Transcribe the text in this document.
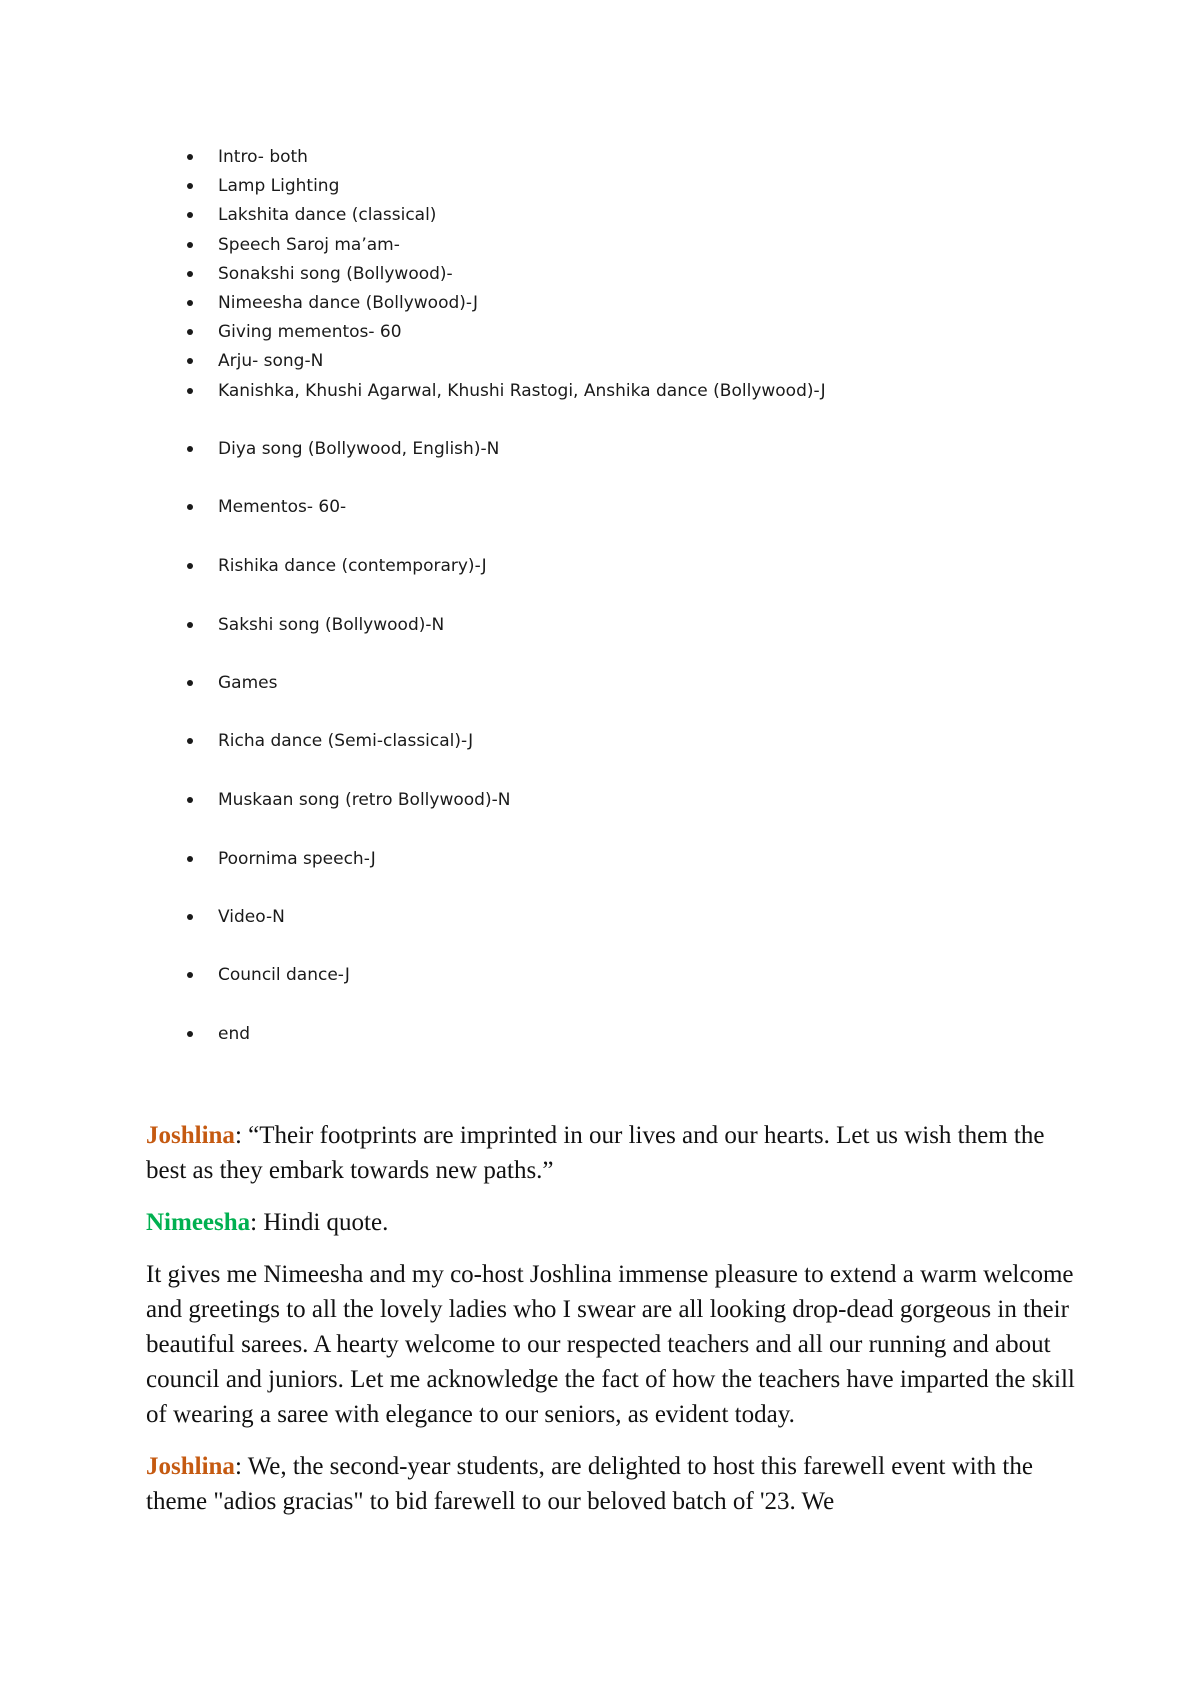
Intro- both
Lamp Lighting
Lakshita dance (classical)
Speech Saroj ma’am-
Sonakshi song (Bollywood)-
Nimeesha dance (Bollywood)-J
Giving mementos- 60
Arju- song-N
Kanishka, Khushi Agarwal, Khushi Rastogi, Anshika dance (Bollywood)-J
Diya song (Bollywood, English)-N
Mementos- 60-
Rishika dance (contemporary)-J
Sakshi song (Bollywood)-N
Games
Richa dance (Semi-classical)-J
Muskaan song (retro Bollywood)-N
Poornima speech-J
Video-N
Council dance-J
end

Joshlina: “Their footprints are imprinted in our lives and our hearts. Let us wish them the best as they embark towards new paths.”

Nimeesha: Hindi quote.

It gives me Nimeesha and my co-host Joshlina immense pleasure to extend a warm welcome and greetings to all the lovely ladies who I swear are all looking drop-dead gorgeous in their beautiful sarees. A hearty welcome to our respected teachers and all our running and about council and juniors. Let me acknowledge the fact of how the teachers have imparted the skill of wearing a saree with elegance to our seniors, as evident today.

Joshlina: We, the second-year students, are delighted to host this farewell event with the theme "adios gracias" to bid farewell to our beloved batch of '23. We
